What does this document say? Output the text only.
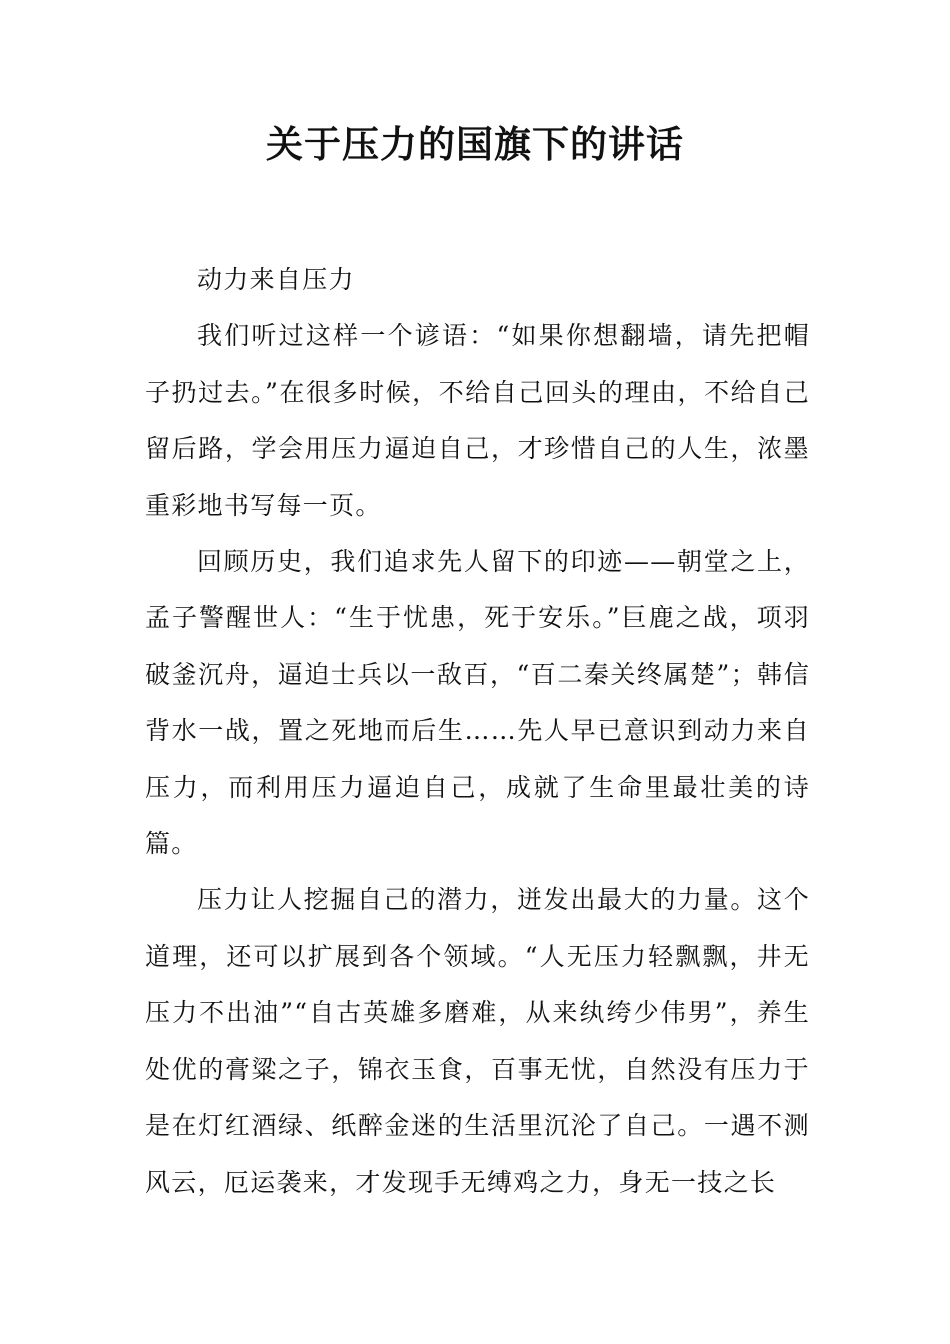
关于压力的国旗下的讲话

动力来自压力

我们听过这样一个谚语：“如果你想翻墙，请先把帽子扔过去。”在很多时候，不给自己回头的理由，不给自己留后路，学会用压力逼迫自己，才珍惜自己的人生，浓墨重彩地书写每一页。

回顾历史，我们追求先人留下的印迹——朝堂之上，孟子警醒世人：“生于忧患，死于安乐。”巨鹿之战，项羽破釜沉舟，逼迫士兵以一敌百，“百二秦关终属楚”；韩信背水一战，置之死地而后生……先人早已意识到动力来自压力，而利用压力逼迫自己，成就了生命里最壮美的诗篇。

压力让人挖掘自己的潜力，迸发出最大的力量。这个道理，还可以扩展到各个领域。“人无压力轻飘飘，井无压力不出油”“自古英雄多磨难，从来纨绔少伟男”，养生处优的膏粱之子，锦衣玉食，百事无忧，自然没有压力于是在灯红酒绿、纸醉金迷的生活里沉沦了自己。一遇不测风云，厄运袭来，才发现手无缚鸡之力，身无一技之长
